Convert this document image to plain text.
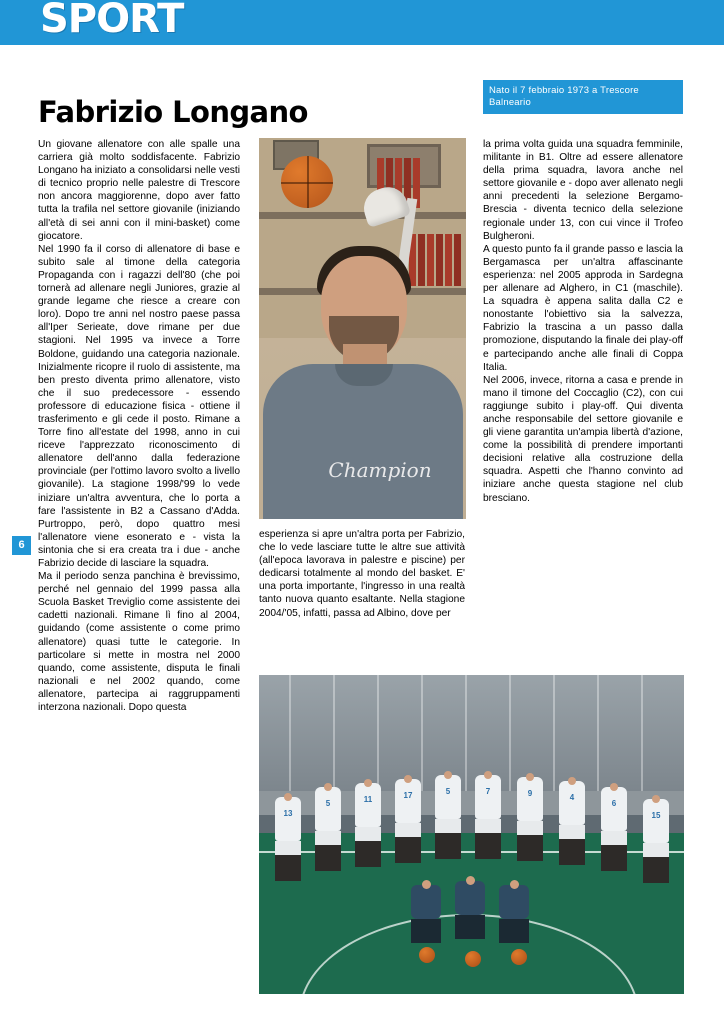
SPORT
Fabrizio Longano
Nato il 7 febbraio 1973 a Trescore Balneario
6

Un giovane allenatore con alle spalle una carriera già molto soddisfacente. Fabrizio Longano ha iniziato a consolidarsi nelle vesti di tecnico proprio nelle palestre di Trescore non ancora maggiorenne, dopo aver fatto tutta la trafila nel settore giovanile (iniziando all'età di sei anni con il mini-basket) come giocatore.
Nel 1990 fa il corso di allenatore di base e subito sale al timone della categoria Propaganda con i ragazzi dell'80 (che poi tornerà ad allenare negli Juniores, grazie al grande legame che riesce a creare con loro). Dopo tre anni nel nostro paese passa all'Iper Serieate, dove rimane per due stagioni. Nel 1995 va invece a Torre Boldone, guidando una categoria nazionale. Inizialmente ricopre il ruolo di assistente, ma ben presto diventa primo allenatore, visto che il suo predecessore - essendo professore di educazione fisica - ottiene il trasferimento e gli cede il posto. Rimane a Torre fino all'estate del 1998, anno in cui riceve l'apprezzato riconoscimento di allenatore dell'anno dalla federazione provinciale (per l'ottimo lavoro svolto a livello giovanile). La stagione 1998/'99 lo vede iniziare un'altra avventura, che lo porta a fare l'assistente in B2 a Cassano d'Adda. Purtroppo, però, dopo quattro mesi l'allenatore viene esonerato e - vista la sintonia che si era creata tra i due - anche Fabrizio decide di lasciare la squadra.
Ma il periodo senza panchina è brevissimo, perché nel gennaio del 1999 passa alla Scuola Basket Treviglio come assistente dei cadetti nazionali. Rimane lì fino al 2004, guidando (come assistente o come primo allenatore) quasi tutte le categorie. In particolare si mette in mostra nel 2000 quando, come assistente, disputa le finali nazionali e nel 2002 quando, come allenatore, partecipa ai raggruppamenti interzona nazionali. Dopo questa

esperienza si apre un'altra porta per Fabrizio, che lo vede lasciare tutte le altre sue attività (all'epoca lavorava in palestre e piscine) per dedicarsi totalmente al mondo del basket. E' una porta importante, l'ingresso in una realtà tanto nuova quanto esaltante. Nella stagione 2004/'05, infatti, passa ad Albino, dove per

la prima volta guida una squadra femminile, militante in B1. Oltre ad essere allenatore della prima squadra, lavora anche nel settore giovanile e - dopo aver allenato negli anni precedenti la selezione Bergamo-Brescia - diventa tecnico della selezione regionale under 13, con cui vince il Trofeo Bulgheroni.
A questo punto fa il grande passo e lascia la Bergamasca per un'altra affascinante esperienza: nel 2005 approda in Sardegna per allenare ad Alghero, in C1 (maschile). La squadra è appena salita dalla C2 e nonostante l'obiettivo sia la salvezza, Fabrizio la trascina a un passo dalla promozione, disputando la finale dei play-off e partecipando anche alle finali di Coppa Italia.
Nel 2006, invece, ritorna a casa e prende in mano il timone del Coccaglio (C2), con cui raggiunge subito i play-off. Qui diventa anche responsabile del settore giovanile e gli viene garantita un'ampia libertà d'azione, come la possibilità di prendere importanti decisioni relative alla costruzione della squadra. Aspetti che l'hanno convinto ad iniziare anche questa stagione nel club bresciano.

Champion
13
5	11	17	5	7	9	4
6
15
